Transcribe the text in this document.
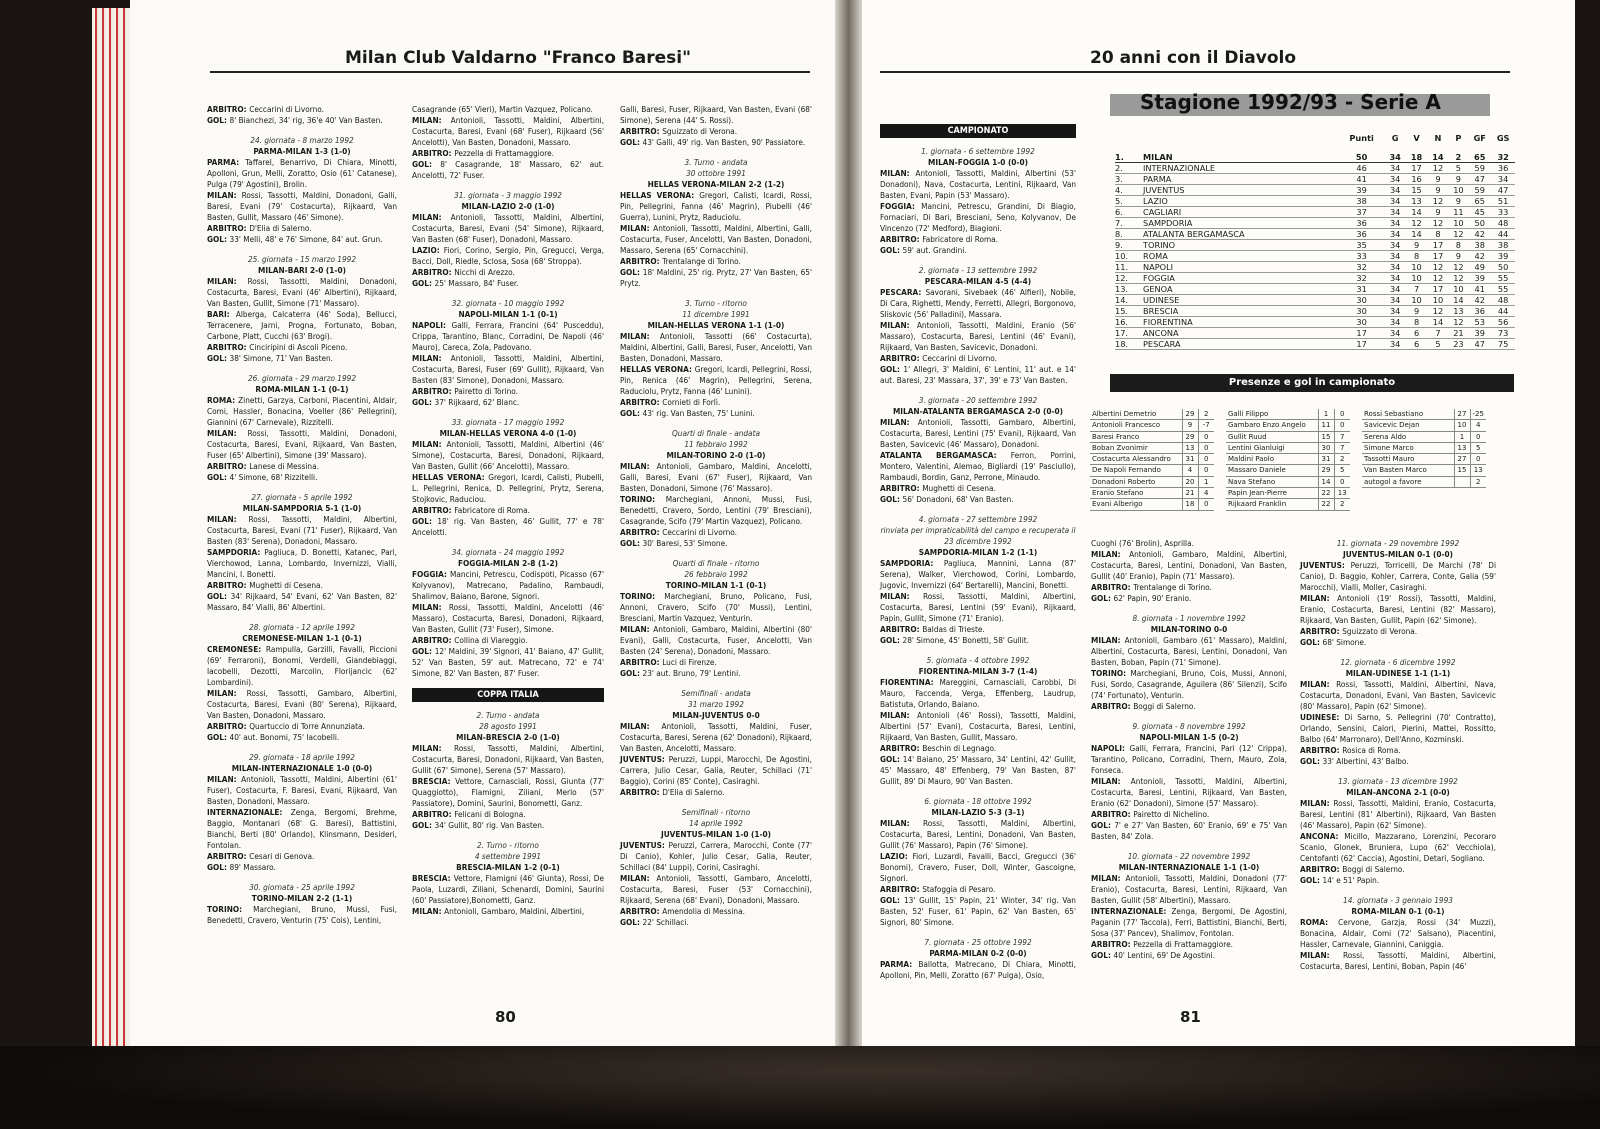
Milan Club Valdarno "Franco Baresi"

ARBITRO: Ceccarini di Livorno.

GOL: 8' Bianchezi, 34' rig, 36'e 40' Van Basten.

24. giornata - 8 marzo 1992

PARMA-MILAN 1-3 (1-0)

PARMA: Taffarel, Benarrivo, Di Chiara, Minotti, Apolloni, Grun, Melli, Zoratto, Osio (61' Catanese), Pulga (79' Agostini), Brolin.

MILAN: Rossi, Tassotti, Maldini, Donadoni, Galli, Baresi, Evani (79' Costacurta), Rijkaard, Van Basten, Gullit, Massaro (46' Simone).

ARBITRO: D'Elia di Salerno.

GOL: 33' Melli, 48' e 76' Simone, 84' aut. Grun.

25. giornata - 15 marzo 1992

MILAN-BARI 2-0 (1-0)

MILAN: Rossi, Tassotti, Maldini, Donadoni, Costacurta, Baresi, Evani (46' Albertini), Rijkaard, Van Basten, Gullit, Simone (71' Massaro).

BARI: Alberga, Calcaterra (46' Soda), Bellucci, Terracenere, Jarni, Progna, Fortunato, Boban, Carbone, Platt, Cucchi (63' Brogi).

ARBITRO: Cinciripini di Ascoli Piceno.

GOL: 38' Simone, 71' Van Basten.

26. giornata - 29 marzo 1992

ROMA-MILAN 1-1 (0-1)

ROMA: Zinetti, Garzya, Carboni, Piacentini, Aldair, Comi, Hassler, Bonacina, Voeller (86' Pellegrini), Giannini (67' Carnevale), Rizzitelli.

MILAN: Rossi, Tassotti, Maldini, Donadoni, Costacurta, Baresi, Evani, Rijkaard, Van Basten, Fuser (65' Albertini), Simone (39' Massaro).

ARBITRO: Lanese di Messina.

GOL: 4' Simone, 68' Rizzitelli.

27. giornata - 5 aprile 1992

MILAN-SAMPDORIA 5-1 (1-0)

MILAN: Rossi, Tassotti, Maldini, Albertini, Costacurta, Baresi, Evani (71' Fuser), Rijkaard, Van Basten (83' Serena), Donadoni, Massaro.

SAMPDORIA: Pagliuca, D. Bonetti, Katanec, Pari, Vierchowod, Lanna, Lombardo, Invernizzi, Vialli, Mancini, I. Bonetti.

ARBITRO: Mughetti di Cesena.

GOL: 34' Rijkaard, 54' Evani, 62' Van Basten, 82' Massaro, 84' Vialli, 86' Albertini.

28. giornata - 12 aprile 1992

CREMONESE-MILAN 1-1 (0-1)

CREMONESE: Rampulla, Garzilli, Favalli, Piccioni (69' Ferraroni), Bonomi, Verdelli, Giandebiaggi, Iacobelli, Dezotti, Marcolin, Florijancic (62' Lombardini).

MILAN: Rossi, Tassotti, Gambaro, Albertini, Costacurta, Baresi, Evani (80' Serena), Rijkaard, Van Basten, Donadoni, Massaro.

ARBITRO: Quartuccio di Torre Annunziata.

GOL: 40' aut. Bonomi, 75' Iacobelli.

29. giornata - 18 aprile 1992

MILAN-INTERNAZIONALE 1-0 (0-0)

MILAN: Antonioli, Tassotti, Maldini, Albertini (61' Fuser), Costacurta, F. Baresi, Evani, Rijkaard, Van Basten, Donadoni, Massaro.

INTERNAZIONALE: Zenga, Bergomi, Brehme, Baggio, Montanari (68' G. Baresi), Battistini, Bianchi, Berti (80' Orlando), Klinsmann, Desideri, Fontolan.

ARBITRO: Cesari di Genova.

GOL: 89' Massaro.

30. giornata - 25 aprile 1992

TORINO-MILAN 2-2 (1-1)

TORINO: Marchegiani, Bruno, Mussi, Fusi, Benedetti, Cravero, Venturin (75' Cois), Lentini,

Casagrande (65' Vieri), Martin Vazquez, Policano.

MILAN: Antonioli, Tassotti, Maldini, Albertini, Costacurta, Baresi, Evani (68' Fuser), Rijkaard (56' Ancelotti), Van Basten, Donadoni, Massaro.

ARBITRO: Pezzella di Frattamaggiore.

GOL: 8' Casagrande, 18' Massaro, 62' aut. Ancelotti, 72' Fuser.

31. giornata - 3 maggio 1992

MILAN-LAZIO 2-0 (1-0)

MILAN: Antonioli, Tassotti, Maldini, Albertini, Costacurta, Baresi, Evani (54' Simone), Rijkaard, Van Basten (68' Fuser), Donadoni, Massaro.

LAZIO: Fiori, Corino, Sergio, Pin, Gregucci, Verga, Bacci, Doll, Riedle, Sclosa, Sosa (68' Stroppa).

ARBITRO: Nicchi di Arezzo.

GOL: 25' Massaro, 84' Fuser.

32. giornata - 10 maggio 1992

NAPOLI-MILAN 1-1 (0-1)

NAPOLI: Galli, Ferrara, Francini (64' Pusceddu), Crippa, Tarantino, Blanc, Corradini, De Napoli (46' Mauro), Careca, Zola, Padovano.

MILAN: Antonioli, Tassotti, Maldini, Albertini, Costacurta, Baresi, Fuser (69' Gullit), Rijkaard, Van Basten (83' Simone), Donadoni, Massaro.

ARBITRO: Pairetto di Torino.

GOL: 37' Rijkaard, 62' Blanc.

33. giornata - 17 maggio 1992

MILAN-HELLAS VERONA 4-0 (1-0)

MILAN: Antonioli, Tassotti, Maldini, Albertini (46' Simone), Costacurta, Baresi, Donadoni, Rijkaard, Van Basten, Gullit (66' Ancelotti), Massaro.

HELLAS VERONA: Gregori, Icardi, Calisti, Piubelli, L. Pellegrini, Renica, D. Pellegrini, Prytz, Serena, Stojkovic, Raduciou.

ARBITRO: Fabricatore di Roma.

GOL: 18' rig. Van Basten, 46' Gullit, 77' e 78' Ancelotti.

34. giornata - 24 maggio 1992

FOGGIA-MILAN 2-8 (1-2)

FOGGIA: Mancini, Petrescu, Codispoti, Picasso (67' Kolyvanov), Matrecano, Padalino, Rambaudi, Shalimov, Baiano, Barone, Signori.

MILAN: Rossi, Tassotti, Maldini, Ancelotti (46' Massaro), Costacurta, Baresi, Donadoni, Rijkaard, Van Basten, Gullit (73' Fuser), Simone.

ARBITRO: Collina di Viareggio.

GOL: 12' Maldini, 39' Signori, 41' Baiano, 47' Gullit, 52' Van Basten, 59' aut. Matrecano, 72' e 74' Simone, 82' Van Basten, 87' Fuser.

COPPA ITALIA

2. Turno - andata

28 agosto 1991

MILAN-BRESCIA 2-0 (1-0)

MILAN: Rossi, Tassotti, Maldini, Albertini, Costacurta, Baresi, Donadoni, Rijkaard, Van Basten, Gullit (67' Simone), Serena (57' Massaro).

BRESCIA: Vettore, Carnasciali, Rossi, Giunta (77' Quaggiotto), Flamigni, Ziliani, Merlo (57' Passiatore), Domini, Saurini, Bonometti, Ganz.

ARBITRO: Felicani di Bologna.

GOL: 34' Gullit, 80' rig. Van Basten.

2. Turno - ritorno

4 settembre 1991

BRESCIA-MILAN 1-2 (0-1)

BRESCIA: Vettore, Flamigni (46' Giunta), Rossi, De Paola, Luzardi, Ziliani, Schenardi, Domini, Saurini (60' Passiatore),Bonometti, Ganz.

MILAN: Antonioli, Gambaro, Maldini, Albertini,

Galli, Baresi, Fuser, Rijkaard, Van Basten, Evani (68' Simone), Serena (44' S. Rossi).

ARBITRO: Sguizzato di Verona.

GOL: 43' Galli, 49' rig. Van Basten, 90' Passiatore.

3. Turno - andata

30 ottobre 1991

HELLAS VERONA-MILAN 2-2 (1-2)

HELLAS VERONA: Gregori, Calisti, Icardi, Rossi, Pin, Pellegrini, Fanna (46' Magrin), Piubelli (46' Guerra), Lunini, Prytz, Raduciolu.

MILAN: Antonioli, Tassotti, Maldini, Albertini, Galli, Costacurta, Fuser, Ancelotti, Van Basten, Donadoni, Massaro, Serena (65' Cornacchini).

ARBITRO: Trentalange di Torino.

GOL: 18' Maldini, 25' rig. Prytz, 27' Van Basten, 65' Prytz.

3. Turno - ritorno

11 dicembre 1991

MILAN-HELLAS VERONA 1-1 (1-0)

MILAN: Antonioli, Tassotti (66' Costacurta), Maldini, Albertini, Galli, Baresi, Fuser, Ancelotti, Van Basten, Donadoni, Massaro.

HELLAS VERONA: Gregori, Icardi, Pellegrini, Rossi, Pin, Renica (46' Magrin), Pellegrini, Serena, Raduciolu, Prytz, Fanna (46' Lunini).

ARBITRO: Cornieti di Forlì.

GOL: 43' rig. Van Basten, 75' Lunini.

Quarti di finale - andata

11 febbraio 1992

MILAN-TORINO 2-0 (1-0)

MILAN: Antonioli, Gambaro, Maldini, Ancelotti, Galli, Baresi, Evani (67' Fuser), Rijkaard, Van Basten, Donadoni, Simone (76' Massaro).

TORINO: Marchegiani, Annoni, Mussi, Fusi, Benedetti, Cravero, Sordo, Lentini (79' Bresciani), Casagrande, Scifo (79' Martin Vazquez), Policano.

ARBITRO: Ceccarini di Livorno.

GOL: 30' Baresi, 53' Simone.

Quarti di finale - ritorno

26 febbraio 1992

TORINO-MILAN 1-1 (0-1)

TORINO: Marchegiani, Bruno, Policano, Fusi, Annoni, Cravero, Scifo (70' Mussi), Lentini, Bresciani, Martin Vazquez, Venturin.

MILAN: Antonioli, Gambaro, Maldini, Albertini (80' Evani), Galli, Costacurta, Fuser, Ancelotti, Van Basten (24' Serena), Donadoni, Massaro.

ARBITRO: Luci di Firenze.

GOL: 23' aut. Bruno, 79' Lentini.

Semifinali - andata

31 marzo 1992

MILAN-JUVENTUS 0-0

MILAN: Antonioli, Tassotti, Maldini, Fuser, Costacurta, Baresi, Serena (62' Donadoni), Rijkaard, Van Basten, Ancelotti, Massaro.

JUVENTUS: Peruzzi, Luppi, Marocchi, De Agostini, Carrera, Julio Cesar, Galia, Reuter, Schillaci (71' Baggio), Corini (85' Conte), Casiraghi.

ARBITRO: D'Elia di Salerno.

Semifinali - ritorno

14 aprile 1992

JUVENTUS-MILAN 1-0 (1-0)

JUVENTUS: Peruzzi, Carrera, Marocchi, Conte (77' Di Canio), Kohler, Julio Cesar, Galia, Reuter, Schillaci (84' Luppi), Corini, Casiraghi.

MILAN: Antonioli, Tassotti, Gambaro, Ancelotti, Costacurta, Baresi, Fuser (53' Cornacchini), Rijkaard, Serena (68' Evani), Donadoni, Massaro.

ARBITRO: Amendolia di Messina.

GOL: 22' Schillaci.

80
20 anni con il Diavolo
Stagione 1992/93 - Serie A
		Punti	G	V	N	P	GF	GS
1.	MILAN	50	34	18	14	2	65	32
2.	INTERNAZIONALE	46	34	17	12	5	59	36
3.	PARMA	41	34	16	9	9	47	34
4.	JUVENTUS	39	34	15	9	10	59	47
5.	LAZIO	38	34	13	12	9	65	51
6.	CAGLIARI	37	34	14	9	11	45	33
7.	SAMPDORIA	36	34	12	12	10	50	48
8.	ATALANTA BERGAMASCA	36	34	14	8	12	42	44
9.	TORINO	35	34	9	17	8	38	38
10.	ROMA	33	34	8	17	9	42	39
11.	NAPOLI	32	34	10	12	12	49	50
12.	FOGGIA	32	34	10	12	12	39	55
13.	GENOA	31	34	7	17	10	41	55
14.	UDINESE	30	34	10	10	14	42	48
15.	BRESCIA	30	34	9	12	13	36	44
16.	FIORENTINA	30	34	8	14	12	53	56
17.	ANCONA	17	34	6	7	21	39	73
18.	PESCARA	17	34	6	5	23	47	75
Presenze e gol in campionato
Albertini Demetrio	29	2
Antonioli Francesco	9	-7
Baresi Franco	29	0
Boban Zvonimir	13	0
Costacurta Alessandro	31	0
De Napoli Fernando	4	0
Donadoni Roberto	20	1
Eranio Stefano	21	4
Evani Alberigo	18	0
Galli Filippo	1	0
Gambaro Enzo Angelo	11	0
Gullit Ruud	15	7
Lentini Gianluigi	30	7
Maldini Paolo	31	2
Massaro Daniele	29	5
Nava Stefano	14	0
Papin Jean-Pierre	22	13
Rijkaard Franklin	22	2
Rossi Sebastiano	27	-25
Savicevic Dejan	10	4
Serena Aldo	1	0
Simone Marco	13	5
Tassotti Mauro	27	0
Van Basten Marco	15	13
autogol a favore		2
CAMPIONATO

1. giornata - 6 settembre 1992

MILAN-FOGGIA 1-0 (0-0)

MILAN: Antonioli, Tassotti, Maldini, Albertini (53' Donadoni), Nava, Costacurta, Lentini, Rijkaard, Van Basten, Evani, Papin (53' Massaro).

FOGGIA: Mancini, Petrescu, Grandini, Di Biagio, Fornaciari, Di Bari, Bresciani, Seno, Kolyvanov, De Vincenzo (72' Medford), Biagioni.

ARBITRO: Fabricatore di Roma.

GOL: 59' aut. Grandini.

2. giornata - 13 settembre 1992

PESCARA-MILAN 4-5 (4-4)

PESCARA: Savorani, Sivebaek (46' Alfieri), Nobile, Di Cara, Righetti, Mendy, Ferretti, Allegri, Borgonovo, Sliskovic (56' Palladini), Massara.

MILAN: Antonioli, Tassotti, Maldini, Eranio (56' Massaro), Costacurta, Baresi, Lentini (46' Evani), Rijkaard, Van Basten, Savicevic, Donadoni.

ARBITRO: Ceccarini di Livorno.

GOL: 1' Allegri, 3' Maldini, 6' Lentini, 11' aut. e 14' aut. Baresi, 23' Massara, 37', 39' e 73' Van Basten.

3. giornata - 20 settembre 1992

MILAN-ATALANTA BERGAMASCA 2-0 (0-0)

MILAN: Antonioli, Tassotti, Gambaro, Albertini, Costacurta, Baresi, Lentini (75' Evani), Rijkaard, Van Basten, Savicevic (46' Massaro), Donadoni.

ATALANTA BERGAMASCA: Ferron, Porrini, Montero, Valentini, Alemao, Bigliardi (19' Pasciullo), Rambaudi, Bordin, Ganz, Perrone, Minaudo.

ARBITRO: Mughetti di Cesena.

GOL: 56' Donadoni, 68' Van Basten.

4. giornata - 27 settembre 1992

rinviata per impraticabilità del campo e recuperata il 23 dicembre 1992

SAMPDORIA-MILAN 1-2 (1-1)

SAMPDORIA: Pagliuca, Mannini, Lanna (87' Serena), Walker, Vierchowod, Corini, Lombardo, Jugovic, Invernizzi (64' Bertarelli), Mancini, Bonetti.

MILAN: Rossi, Tassotti, Maldini, Albertini, Costacurta, Baresi, Lentini (59' Evani), Rijkaard, Papin, Gullit, Simone (71' Eranio).

ARBITRO: Baldas di Trieste.

GOL: 28' Simone, 45' Bonetti, 58' Gullit.

5. giornata - 4 ottobre 1992

FIORENTINA-MILAN 3-7 (1-4)

FIORENTINA: Mareggini, Carnasciali, Carobbi, Di Mauro, Faccenda, Verga, Effenberg, Laudrup, Batistuta, Orlando, Baiano.

MILAN: Antonioli (46' Rossi), Tassotti, Maldini, Albertini (57' Evani), Costacurta, Baresi, Lentini, Rijkaard, Van Basten, Gullit, Massaro.

ARBITRO: Beschin di Legnago.

GOL: 14' Baiano, 25' Massaro, 34' Lentini, 42' Gullit, 45' Massaro, 48' Effenberg, 79' Van Basten, 87' Gullit, 89' Di Mauro, 90' Van Basten.

6. giornata - 18 ottobre 1992

MILAN-LAZIO 5-3 (3-1)

MILAN: Rossi, Tassotti, Maldini, Albertini, Costacurta, Baresi, Lentini, Donadoni, Van Basten, Gullit (76' Massaro), Papin (76' Simone).

LAZIO: Fiori, Luzardi, Favalli, Bacci, Gregucci (36' Bonomi), Cravero, Fuser, Doll, Winter, Gascoigne, Signori.

ARBITRO: Stafoggia di Pesaro.

GOL: 13' Gullit, 15' Papin, 21' Winter, 34' rig. Van Basten, 52' Fuser, 61' Papin, 62' Van Basten, 65' Signori, 80' Simone.

7. giornata - 25 ottobre 1992

PARMA-MILAN 0-2 (0-0)

PARMA: Ballotta, Matrecano, Di Chiara, Minotti, Apolloni, Pin, Melli, Zoratto (67' Pulga), Osio,

Cuoghi (76' Brolin), Asprilla.

MILAN: Antonioli, Gambaro, Maldini, Albertini, Costacurta, Baresi, Lentini, Donadoni, Van Basten, Gullit (40' Eranio), Papin (71' Massaro).

ARBITRO: Trentalange di Torino.

GOL: 62' Papin, 90' Eranio.

8. giornata - 1 novembre 1992

MILAN-TORINO 0-0

MILAN: Antonioli, Gambaro (61' Massaro), Maldini, Albertini, Costacurta, Baresi, Lentini, Donadoni, Van Basten, Boban, Papin (71' Simone).

TORINO: Marchegiani, Bruno, Cois, Mussi, Annoni, Fusi, Sordo, Casagrande, Aguilera (86' Silenzi), Scifo (74' Fortunato), Venturin.

ARBITRO: Boggi di Salerno.

9. giornata - 8 novembre 1992

NAPOLI-MILAN 1-5 (0-2)

NAPOLI: Galli, Ferrara, Francini, Pari (12' Crippa), Tarantino, Policano, Corradini, Thern, Mauro, Zola, Fonseca.

MILAN: Antonioli, Tassotti, Maldini, Albertini, Costacurta, Baresi, Lentini, Rijkaard, Van Basten, Eranio (62' Donadoni), Simone (57' Massaro).

ARBITRO: Pairetto di Nichelino.

GOL: 7' e 27' Van Basten, 60' Eranio, 69' e 75' Van Basten, 84' Zola.

10. giornata - 22 novembre 1992

MILAN-INTERNAZIONALE 1-1 (1-0)

MILAN: Antonioli, Tassotti, Maldini, Donadoni (77' Eranio), Costacurta, Baresi, Lentini, Rijkaard, Van Basten, Gullit (58' Albertini), Massaro.

INTERNAZIONALE: Zenga, Bergomi, De Agostini, Paganin (77' Taccola), Ferri, Battistini, Bianchi, Berti, Sosa (37' Pancev), Shalimov, Fontolan.

ARBITRO: Pezzella di Frattamaggiore.

GOL: 40' Lentini, 69' De Agostini.

11. giornata - 29 novembre 1992

JUVENTUS-MILAN 0-1 (0-0)

JUVENTUS: Peruzzi, Torricelli, De Marchi (78' Di Canio), D. Baggio, Kohler, Carrera, Conte, Galia (59' Marocchi), Vialli, Moller, Casiraghi.

MILAN: Antonioli (19' Rossi), Tassotti, Maldini, Eranio, Costacurta, Baresi, Lentini (82' Massaro), Rijkaard, Van Basten, Gullit, Papin (62' Simone).

ARBITRO: Sguizzato di Verona.

GOL: 68' Simone.

12. giornata - 6 dicembre 1992

MILAN-UDINESE 1-1 (1-1)

MILAN: Rossi, Tassotti, Maldini, Albertini, Nava, Costacurta, Donadoni, Evani, Van Basten, Savicevic (80' Massaro), Papin (62' Simone).

UDINESE: Di Sarno, S. Pellegrini (70' Contratto), Orlando, Sensini, Calori, Pierini, Mattei, Rossitto, Balbo (64' Marronaro), Dell'Anno, Kozminski.

ARBITRO: Rosica di Roma.

GOL: 33' Albertini, 43' Balbo.

13. giornata - 13 dicembre 1992

MILAN-ANCONA 2-1 (0-0)

MILAN: Rossi, Tassotti, Maldini, Eranio, Costacurta, Baresi, Lentini (81' Albertini), Rijkaard, Van Basten (46' Massaro), Papin (62' Simone).

ANCONA: Micillo, Mazzarano, Lorenzini, Pecoraro Scanio, Glonek, Bruniera, Lupo (62' Vecchiola), Centofanti (62' Caccia), Agostini, Detari, Sogliano.

ARBITRO: Boggi di Salerno.

GOL: 14' e 51' Papin.

14. giornata - 3 gennaio 1993

ROMA-MILAN 0-1 (0-1)

ROMA: Cervone, Garzja, Rossi (34' Muzzi), Bonacina, Aldair, Comi (72' Salsano), Piacentini, Hassler, Carnevale, Giannini, Caniggia.

MILAN: Rossi, Tassotti, Maldini, Albertini, Costacurta, Baresi, Lentini, Boban, Papin (46'

81
